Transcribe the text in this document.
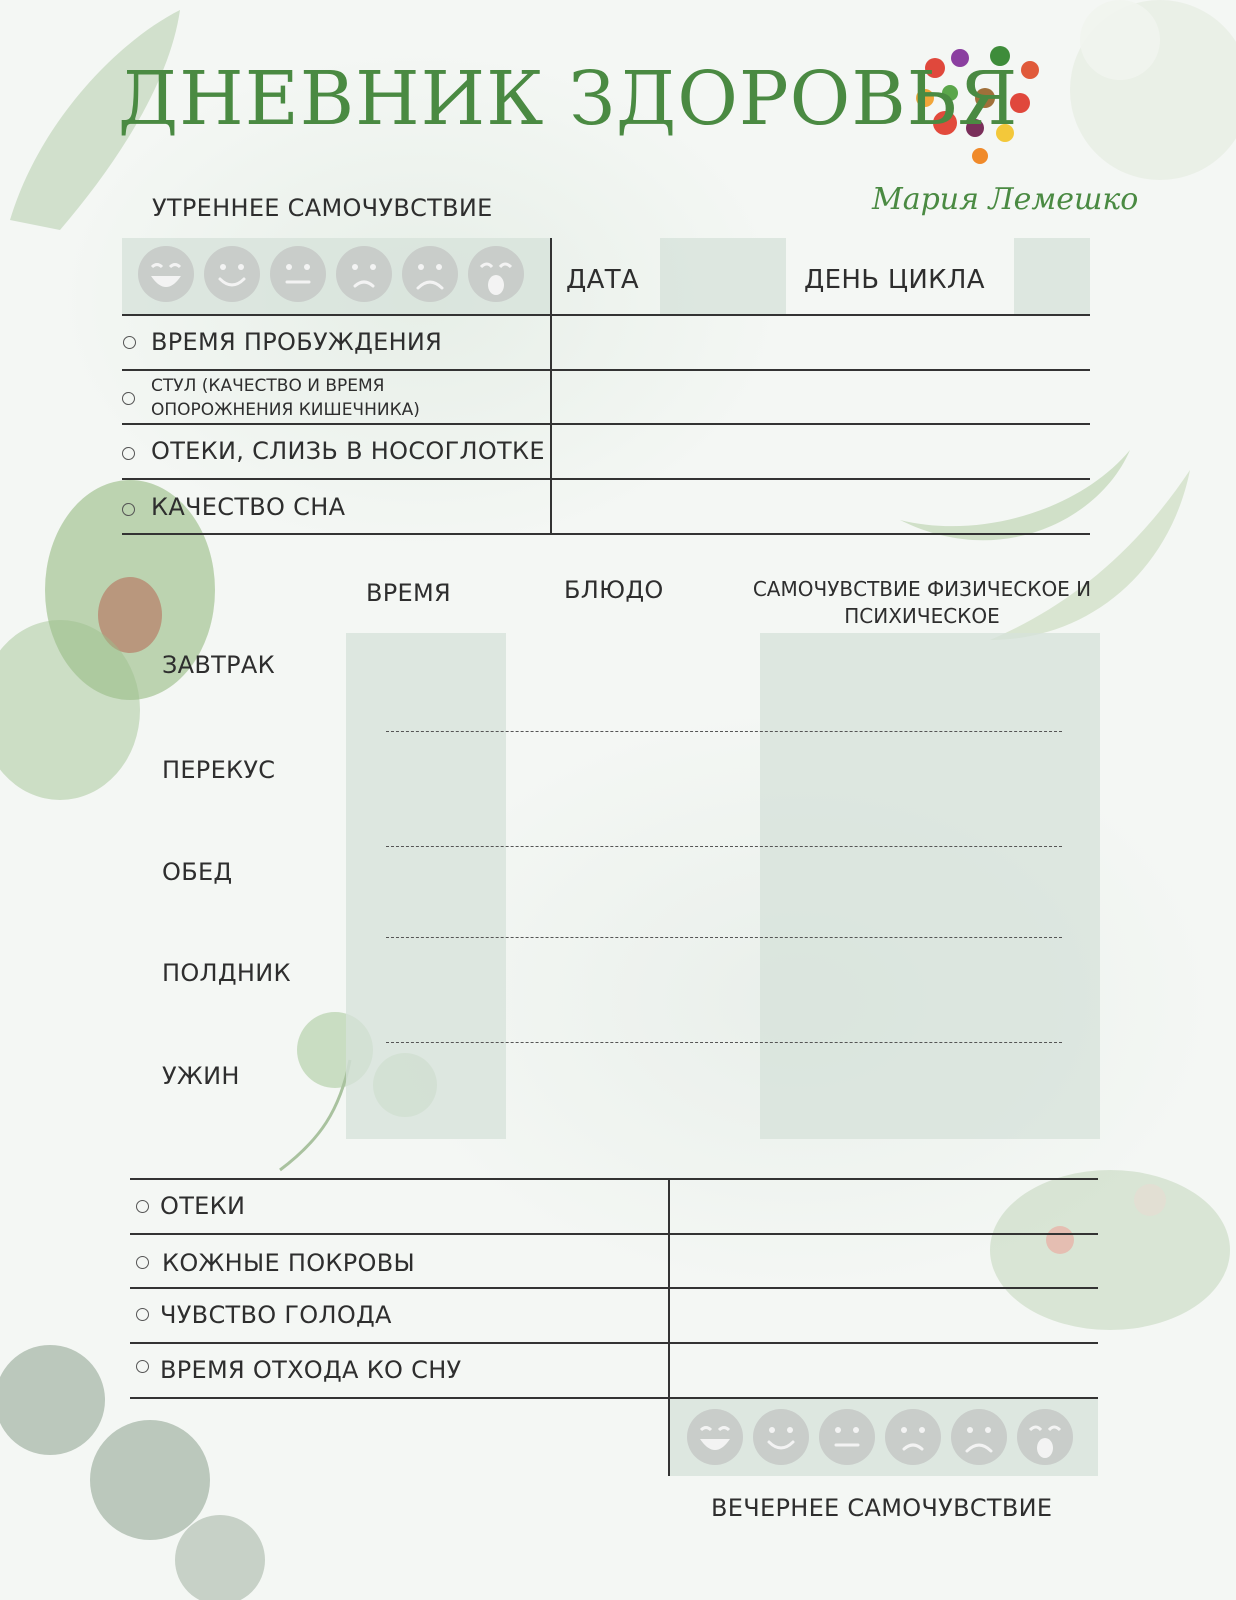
Мария Лемешко
ДНЕВНИК ЗДОРОВЬЯ
УТРЕННЕЕ САМОЧУВСТВИЕ
ДАТА	ДЕНЬ ЦИКЛА
ВРЕМЯ ПРОБУЖДЕНИЯ
СТУЛ (КАЧЕСТВО И ВРЕМЯ ОПОРОЖНЕНИЯ КИШЕЧНИКА)
ОТЕКИ, СЛИЗЬ В НОСОГЛОТКЕ
КАЧЕСТВО СНА
ВРЕМЯ	БЛЮДО	САМОЧУВСТВИЕ ФИЗИЧЕСКОЕ И ПСИХИЧЕСКОЕ
ЗАВТРАК
ПЕРЕКУС
ОБЕД
ПОЛДНИК
УЖИН
ОТЕКИ
КОЖНЫЕ ПОКРОВЫ
ЧУВСТВО ГОЛОДА
ВРЕМЯ ОТХОДА КО СНУ
ВЕЧЕРНЕЕ САМОЧУВСТВИЕ
